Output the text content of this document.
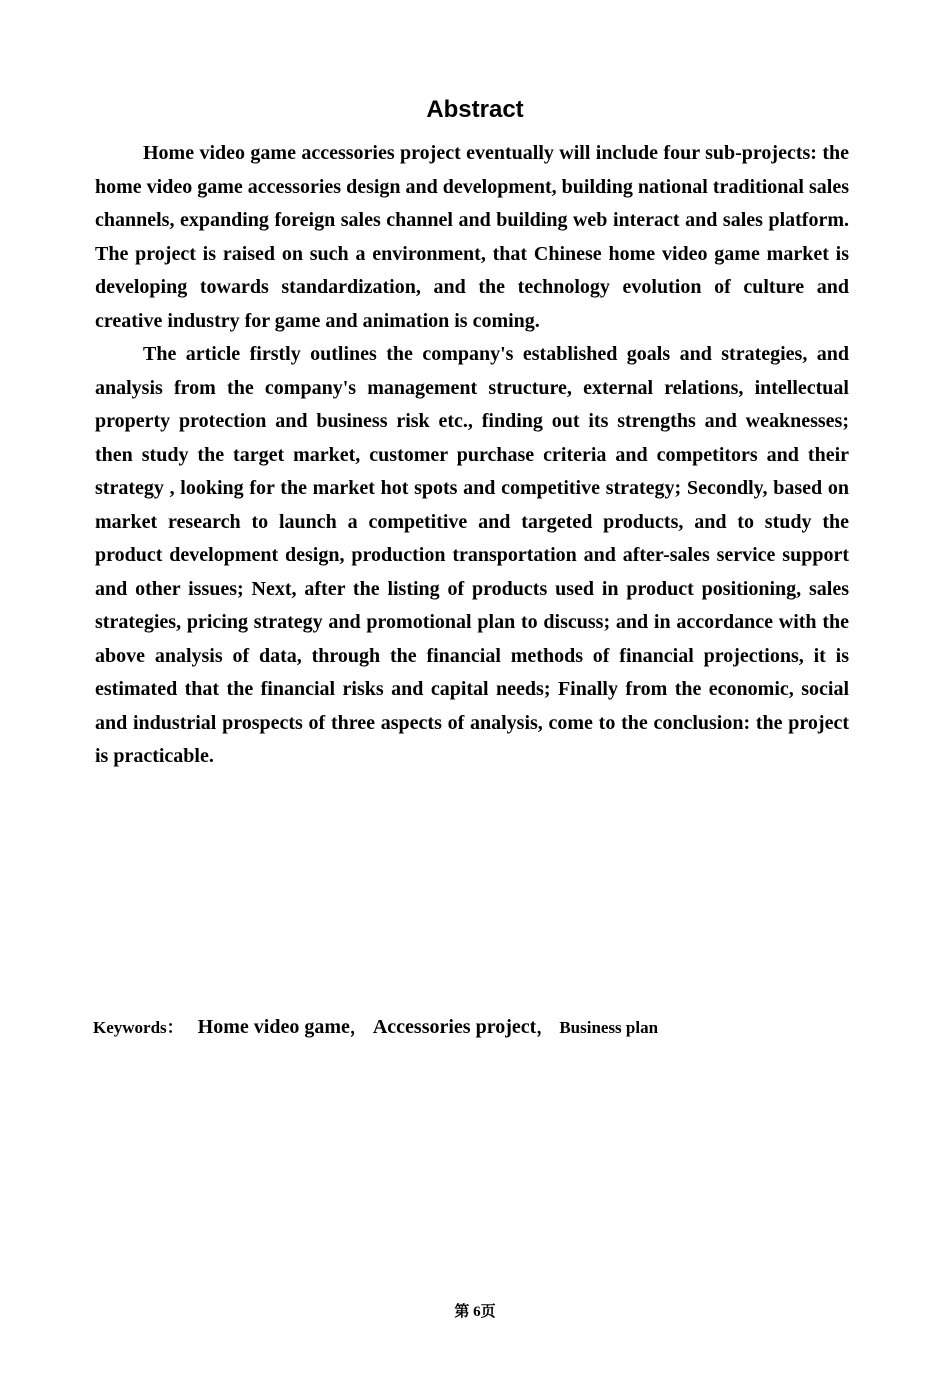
Abstract

Home video game accessories project eventually will include four sub-projects: the home video game accessories design and development, building national traditional sales channels, expanding foreign sales channel and building web interact and sales platform. The project is raised on such a environment, that Chinese home video game market is developing towards standardization, and the technology evolution of culture and creative industry for game and animation is coming.

The article firstly outlines the company's established goals and strategies, and analysis from the company's management structure, external relations, intellectual property protection and business risk etc., finding out its strengths and weaknesses; then study the target market, customer purchase criteria and competitors and their strategy , looking for the market hot spots and competitive strategy; Secondly, based on market research to launch a competitive and targeted products, and to study the product development design, production transportation and after-sales service support and other issues; Next, after the listing of products used in product positioning, sales strategies, pricing strategy and promotional plan to discuss; and in accordance with the above analysis of data, through the financial methods of financial projections, it is estimated that the financial risks and capital needs; Finally from the economic, social and industrial prospects of three aspects of analysis, come to the conclusion: the project is practicable.

Keywords： Home video game， Accessories project， Business plan
第 6页
